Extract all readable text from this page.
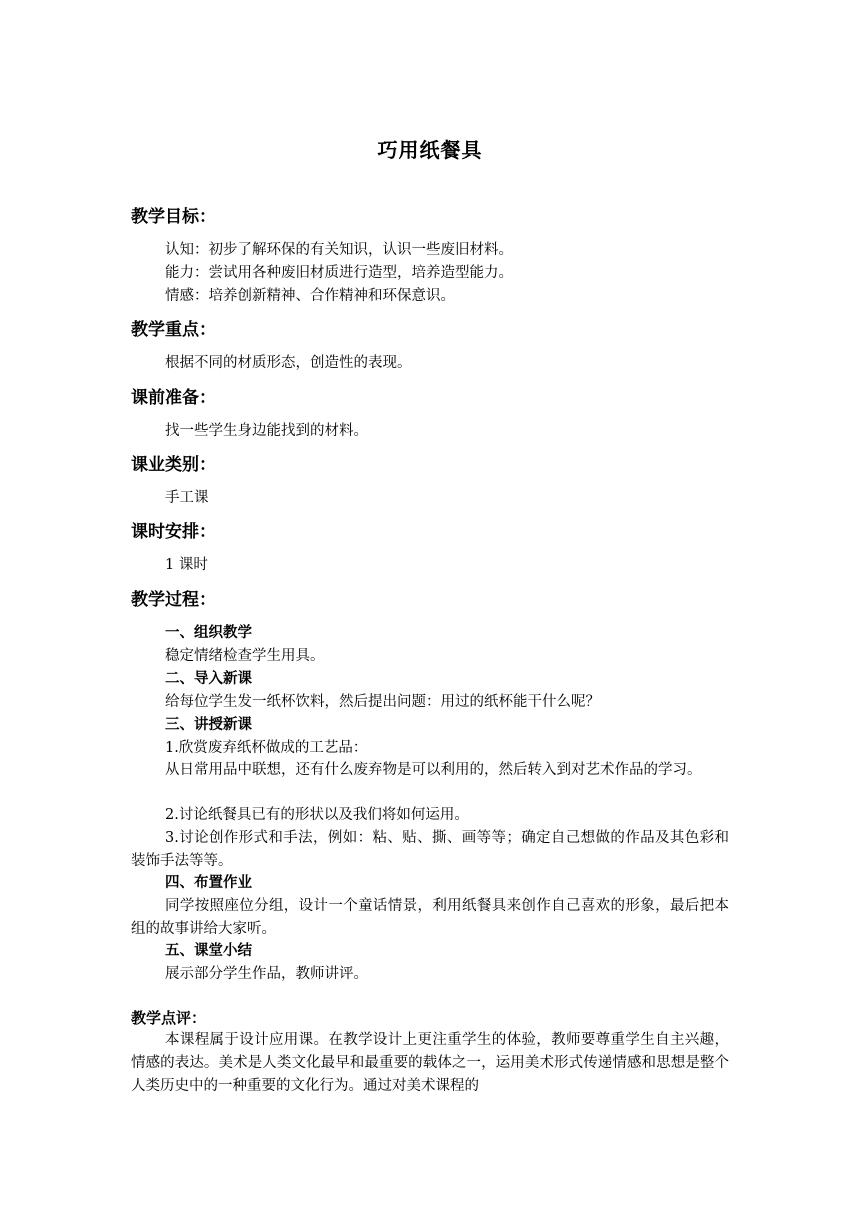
巧用纸餐具
教学目标：
认知：初步了解环保的有关知识，认识一些废旧材料。
能力：尝试用各种废旧材质进行造型，培养造型能力。
情感：培养创新精神、合作精神和环保意识。
教学重点：
根据不同的材质形态，创造性的表现。
课前准备：
找一些学生身边能找到的材料。
课业类别：
手工课
课时安排：
1 课时
教学过程：
一、组织教学
稳定情绪检查学生用具。
二、导入新课
给每位学生发一纸杯饮料，然后提出问题：用过的纸杯能干什么呢？
三、讲授新课
1.欣赏废弃纸杯做成的工艺品：
从日常用品中联想，还有什么废弃物是可以利用的，然后转入到对艺术作品的学习。
2.讨论纸餐具已有的形状以及我们将如何运用。
3.讨论创作形式和手法，例如：粘、贴、撕、画等等；确定自己想做的作品及其色彩和装饰手法等等。
四、布置作业
同学按照座位分组，设计一个童话情景，利用纸餐具来创作自己喜欢的形象，最后把本组的故事讲给大家听。
五、课堂小结
展示部分学生作品，教师讲评。
教学点评：
本课程属于设计应用课。在教学设计上更注重学生的体验，教师要尊重学生自主兴趣，情感的表达。美术是人类文化最早和最重要的载体之一，运用美术形式传递情感和思想是整个人类历史中的一种重要的文化行为。通过对美术课程的
